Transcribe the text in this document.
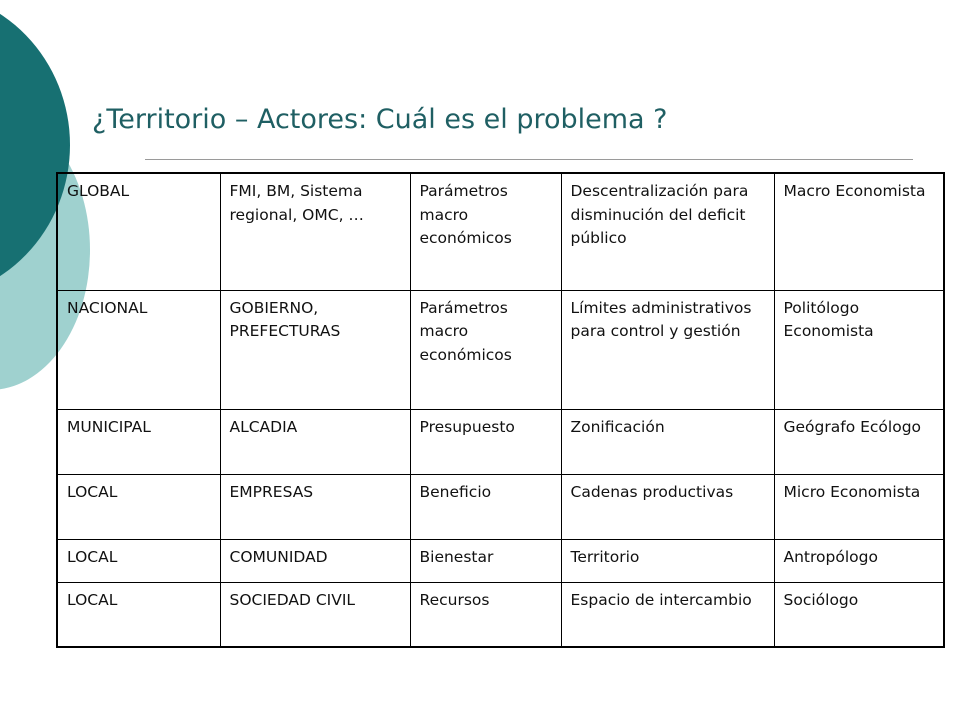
¿Territorio – Actores: Cuál es el problema ?
GLOBAL	FMI, BM, Sistema regional, OMC, …	Parámetros macro económicos	Descentralización para disminución del deficit público	Macro Economista
NACIONAL	GOBIERNO, PREFECTURAS	Parámetros macro económicos	Límites administrativos para control y gestión	Politólogo Economista
MUNICIPAL	ALCADIA	Presupuesto	Zonificación	Geógrafo Ecólogo
LOCAL	EMPRESAS	Beneficio	Cadenas productivas	Micro Economista
LOCAL	COMUNIDAD	Bienestar	Territorio	Antropólogo
LOCAL	SOCIEDAD CIVIL	Recursos	Espacio de intercambio	Sociólogo
